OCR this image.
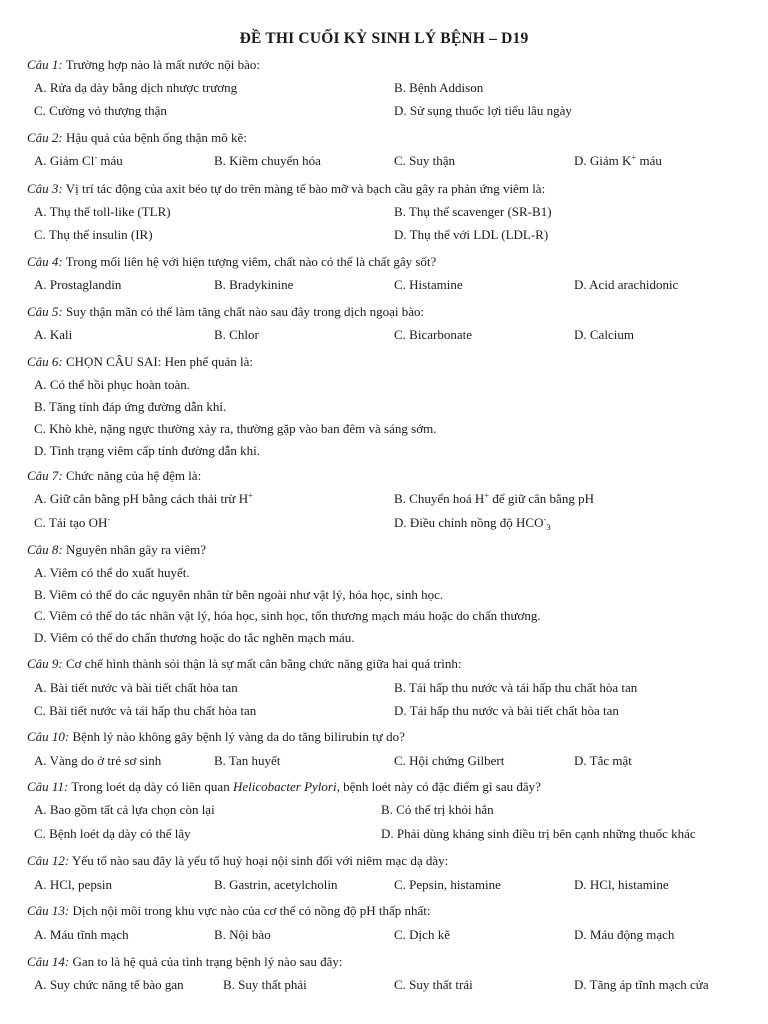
ĐỀ THI CUỐI KỲ SINH LÝ BỆNH – D19
Câu 1: Trường hợp nào là mất nước nội bào:
A. Rửa dạ dày bằng dịch nhược trương	B. Bệnh Addison
C. Cường vỏ thượng thận	D. Sử sụng thuốc lợi tiểu lâu ngày
Câu 2: Hậu quả của bệnh ống thận mô kẽ:
A. Giảm Cl- máu	B. Kiềm chuyển hóa	C. Suy thận	D. Giảm K+ máu
Câu 3: Vị trí tác động của axit béo tự do trên màng tế bào mỡ và bạch cầu gây ra phản ứng viêm là:
A. Thụ thể toll-like (TLR)	B. Thụ thể scavenger (SR-B1)
C. Thụ thể insulin (IR)	D. Thụ thể với LDL (LDL-R)
Câu 4: Trong mối liên hệ với hiện tượng viêm, chất nào có thể là chất gây sốt?
A. Prostaglandin	B. Bradykinine	C. Histamine	D. Acid arachidonic
Câu 5: Suy thận mãn có thể làm tăng chất nào sau đây trong dịch ngoại bào:
A. Kali	B. Chlor	C. Bicarbonate	D. Calcium
Câu 6: CHỌN CÂU SAI: Hen phế quản là:
A. Có thể hồi phục hoàn toàn.
B. Tăng tính đáp ứng đường dẫn khí.
C. Khò khè, nặng ngực thường xảy ra, thường gặp vào ban đêm và sáng sớm.
D. Tình trạng viêm cấp tính đường dẫn khí.
Câu 7: Chức năng của hệ đệm là:
A. Giữ cân bằng pH bằng cách thải trừ H+	B. Chuyển hoá H+ để giữ cân bằng pH
C. Tái tạo OH-	D. Điều chỉnh nồng độ $HCO^-_3$
Câu 8: Nguyên nhân gây ra viêm?
A. Viêm có thể do xuất huyết.
B. Viêm có thể do các nguyên nhân từ bên ngoài như vật lý, hóa học, sinh học.
C. Viêm có thể do tác nhân vật lý, hóa học, sinh học, tổn thương mạch máu hoặc do chấn thương.
D. Viêm có thể do chấn thương hoặc do tắc nghẽn mạch máu.
Câu 9: Cơ chế hình thành sỏi thận là sự mất cân bằng chức năng giữa hai quá trình:
A. Bài tiết nước và bài tiết chất hòa tan	B. Tái hấp thu nước và tái hấp thu chất hòa tan
C. Bài tiết nước và tái hấp thu chất hòa tan	D. Tái hấp thu nước và bài tiết chất hòa tan
Câu 10: Bệnh lý nào không gây bệnh lý vàng da do tăng bilirubin tự do?
A. Vàng do ở trẻ sơ sinh	B. Tan huyết	C. Hội chứng Gilbert	D. Tắc mật
Câu 11: Trong loét dạ dày có liên quan Helicobacter Pylori, bệnh loét này có đặc điểm gì sau đây?
A. Bao gồm tất cả lựa chọn còn lại	B. Có thể trị khỏi hẳn
C. Bệnh loét dạ dày có thể lây	D. Phải dùng kháng sinh điều trị bên cạnh những thuốc khác
Câu 12: Yếu tố nào sau đây là yếu tố huỷ hoại nội sinh đối với niêm mạc dạ dày:
A. HCl, pepsin	B. Gastrin, acetylcholin	C. Pepsin, histamine	D. HCl, histamine
Câu 13: Dịch nội môi trong khu vực nào của cơ thể có nồng độ pH thấp nhất:
A. Máu tĩnh mạch	B. Nội bào	C. Dịch kẽ	D. Máu động mạch
Câu 14: Gan to là hệ quả của tình trạng bệnh lý nào sau đây:
A. Suy chức năng tế bào gan	B. Suy thất phải	C. Suy thất trái	D. Tăng áp tĩnh mạch cửa
